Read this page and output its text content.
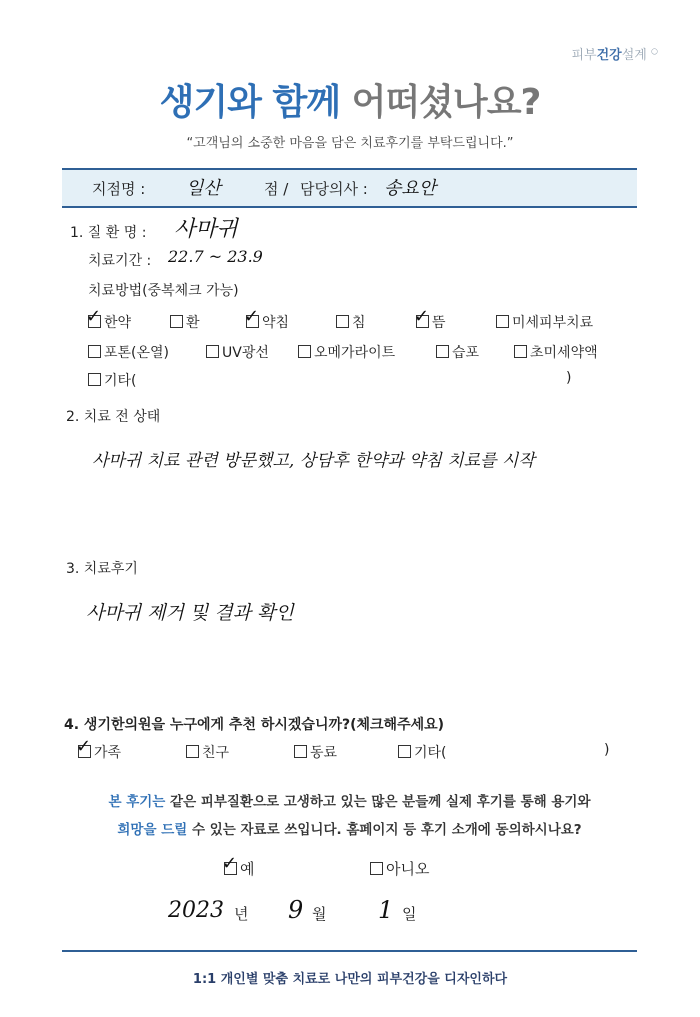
피부건강설계 ○
생기와 함께 어떠셨나요?
“고객님의 소중한 마음을 담은 치료후기를 부탁드립니다.”
지점명 : 일산	점 / 담당의사 : 송요안
1. 질 환 명 : 사마귀
치료기간 : 22.7 ~ 23.9
치료방법(중복체크 가능)
✓한약	환 ✓	약침	침 ✓	뜸	미세피부치료
포톤(온열)	UV광선	오메가라이트	습포	초미세약액
기타(	)
2. 치료 전 상태
사마귀 치료 관련 방문했고, 상담후 한약과 약침 치료를 시작
3. 치료후기
사마귀 제거 및 결과 확인
4. 생기한의원을 누구에게 추천 하시겠습니까?(체크해주세요)
✓가족	친구	동료	기타(	)
본 후기는 같은 피부질환으로 고생하고 있는 많은 분들께 실제 후기를 통해 용기와
희망을 드릴 수 있는 자료로 쓰입니다. 홈페이지 등 후기 소개에 동의하시나요?
✓예	아니오
2023 년 9 월 1 일
1:1 개인별 맞춤 치료로 나만의 피부건강을 디자인하다
